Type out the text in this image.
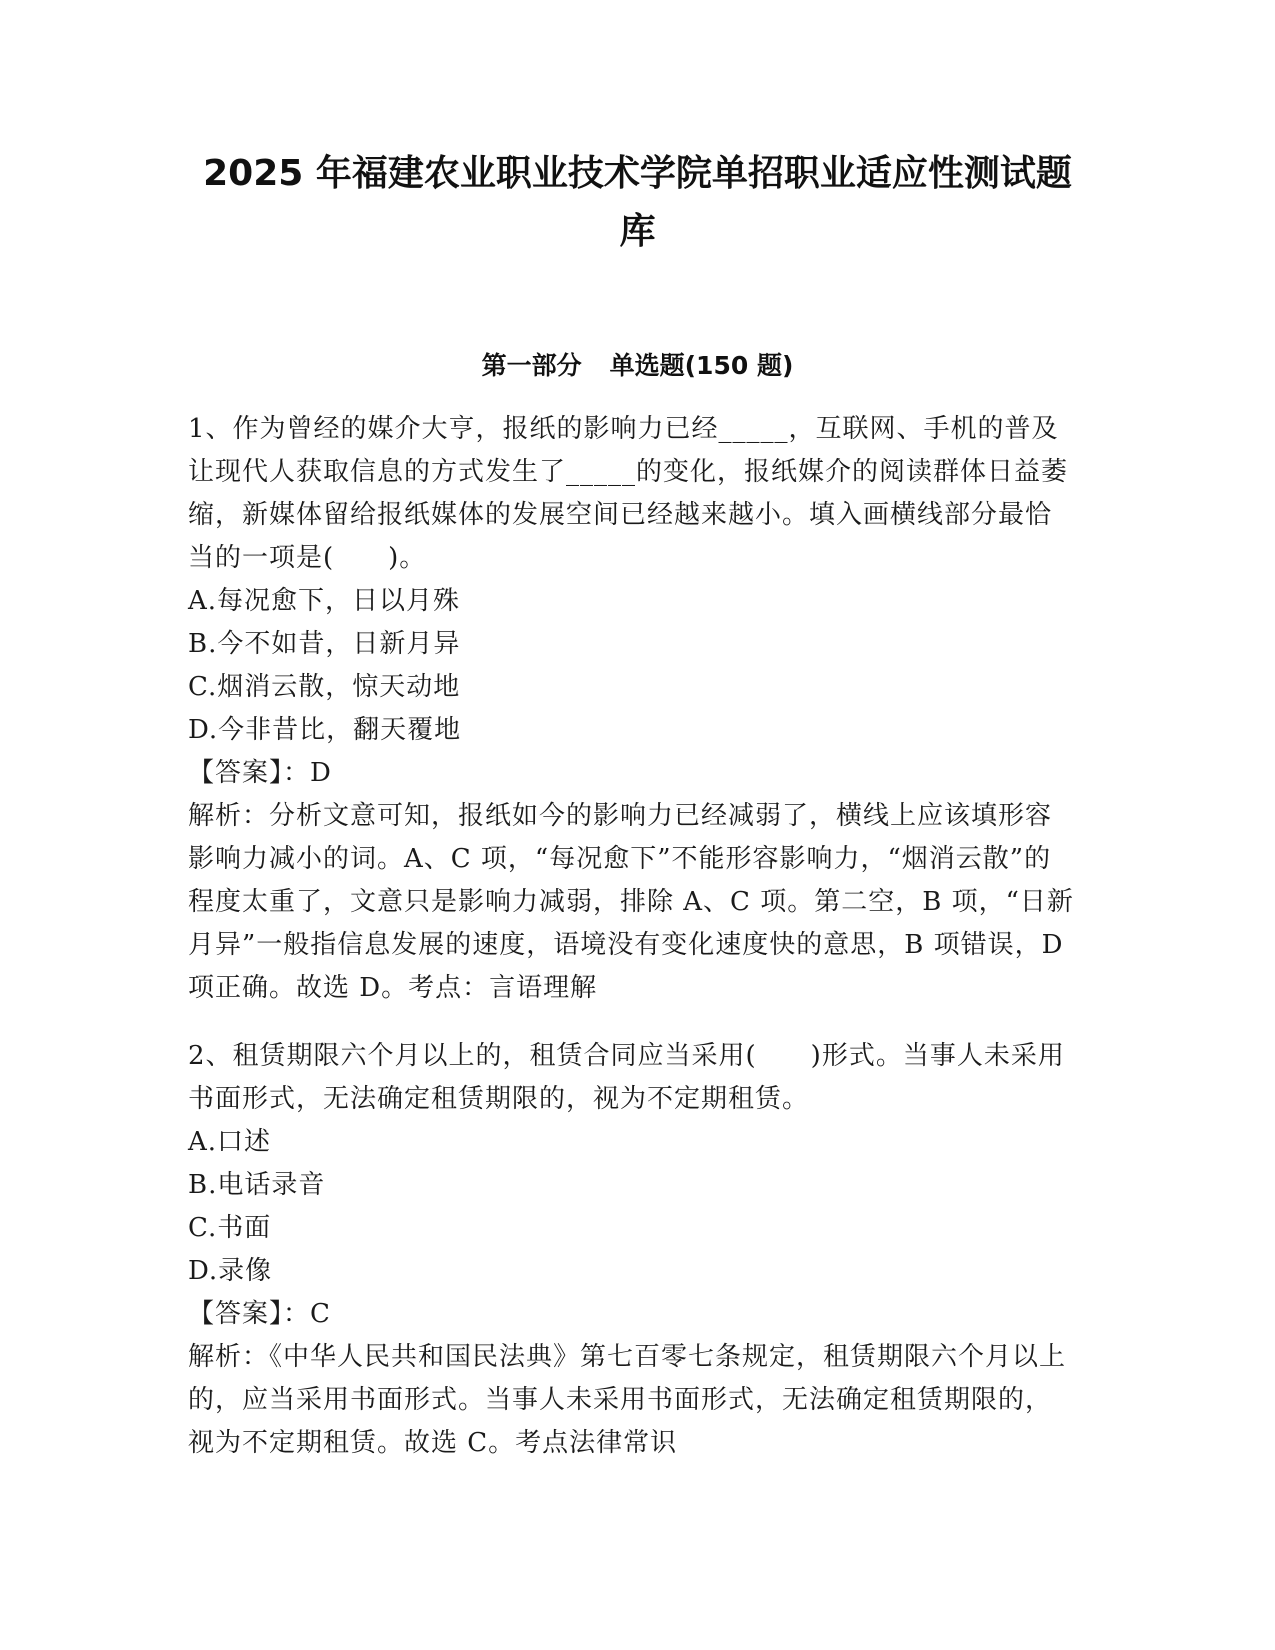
2025 年福建农业职业技术学院单招职业适应性测试题
库
第一部分 单选题(150 题)

1、作为曾经的媒介大亨，报纸的影响力已经_____，互联网、手机的普及让现代人获取信息的方式发生了_____的变化，报纸媒介的阅读群体日益萎缩，新媒体留给报纸媒体的发展空间已经越来越小。填入画横线部分最恰当的一项是(　　)。

A.每况愈下，日以月殊
B.今不如昔，日新月异
C.烟消云散，惊天动地
D.今非昔比，翻天覆地
【答案】：D

解析：分析文意可知，报纸如今的影响力已经减弱了，横线上应该填形容影响力减小的词。A、C 项，“每况愈下”不能形容影响力，“烟消云散”的程度太重了，文意只是影响力减弱，排除 A、C 项。第二空，B 项，“日新月异”一般指信息发展的速度，语境没有变化速度快的意思，B 项错误，D 项正确。故选 D。考点：言语理解

2、租赁期限六个月以上的，租赁合同应当采用(　　)形式。当事人未采用书面形式，无法确定租赁期限的，视为不定期租赁。

A.口述
B.电话录音
C.书面
D.录像
【答案】：C

解析：《中华人民共和国民法典》第七百零七条规定，租赁期限六个月以上的，应当采用书面形式。当事人未采用书面形式，无法确定租赁期限的，视为不定期租赁。故选 C。考点法律常识
